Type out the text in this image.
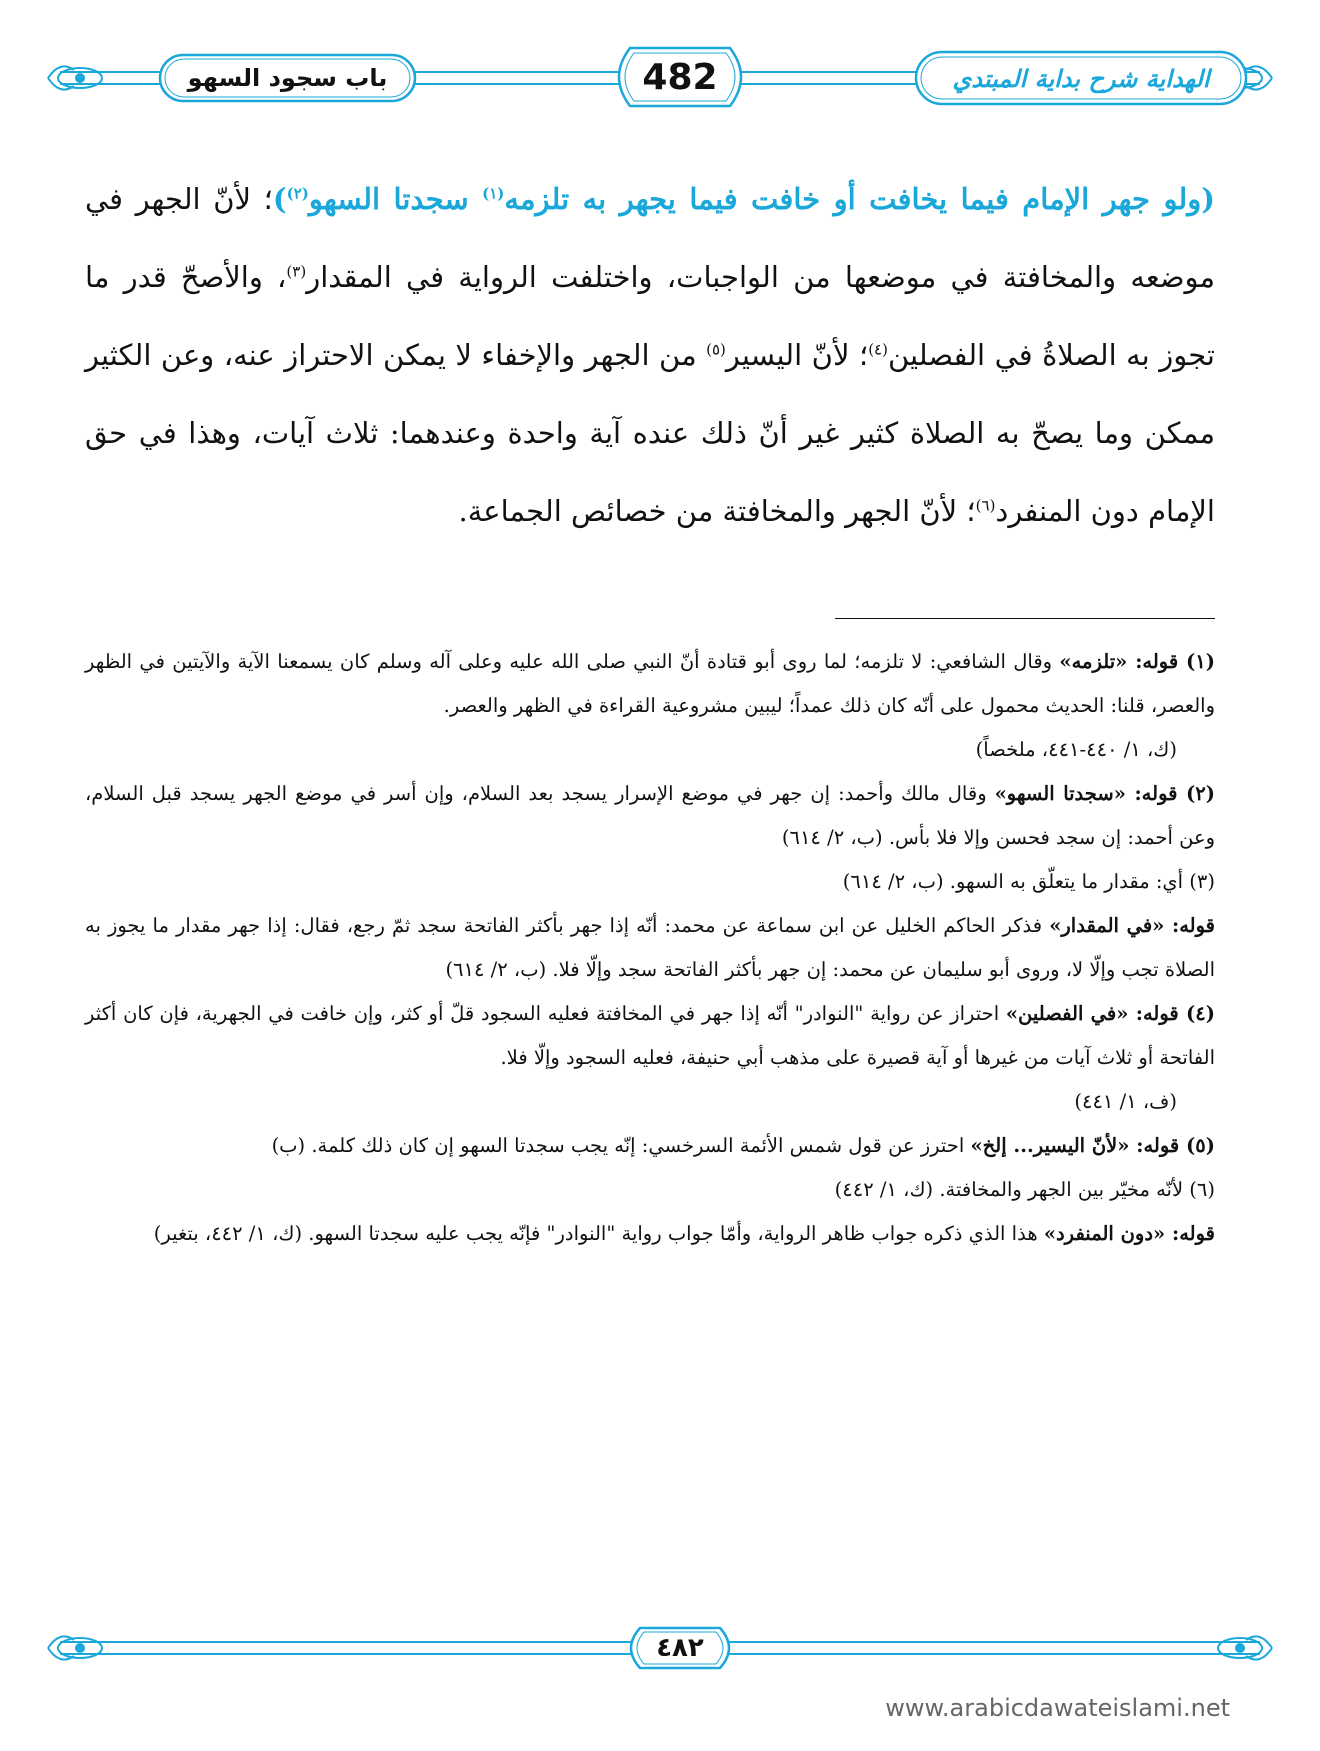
باب سجود السهو	482	الهداية شرح بداية المبتدي
(ولو جهر الإمام فيما يخافت أو خافت فيما يجهر به تلزمه$^{(١)}$ سجدتا السهو$^{(٢)}$)؛ لأنّ الجهر في موضعه والمخافتة في موضعها من الواجبات، واختلفت الرواية في المقدار$^{(٣)}$، والأصحّ قدر ما تجوز به الصلاةُ في الفصلين$^{(٤)}$؛ لأنّ اليسير$^{(٥)}$ من الجهر والإخفاء لا يمكن الاحتراز عنه، وعن الكثير ممكن وما يصحّ به الصلاة كثير غير أنّ ذلك عنده آية واحدة وعندهما: ثلاث آيات، وهذا في حق الإمام دون المنفرد$^{(٦)}$؛ لأنّ الجهر والمخافتة من خصائص الجماعة.

(١) قوله: «تلزمه» وقال الشافعي: لا تلزمه؛ لما روى أبو قتادة أنّ النبي صلى الله عليه وعلى آله وسلم كان يسمعنا الآية والآيتين في الظهر والعصر، قلنا: الحديث محمول على أنّه كان ذلك عمداً؛ ليبين مشروعية القراءة في الظهر والعصر.

(ك، ١/ ٤٤٠-٤٤١، ملخصاً)

(٢) قوله: «سجدتا السهو» وقال مالك وأحمد: إن جهر في موضع الإسرار يسجد بعد السلام، وإن أسر في موضع الجهر يسجد قبل السلام، وعن أحمد: إن سجد فحسن وإلا فلا بأس. (ب، ٢/ ٦١٤)

(٣) أي: مقدار ما يتعلّق به السهو. (ب، ٢/ ٦١٤)

قوله: «في المقدار» فذكر الحاكم الخليل عن ابن سماعة عن محمد: أنّه إذا جهر بأكثر الفاتحة سجد ثمّ رجع، فقال: إذا جهر مقدار ما يجوز به الصلاة تجب وإلّا لا، وروى أبو سليمان عن محمد: إن جهر بأكثر الفاتحة سجد وإلّا فلا. (ب، ٢/ ٦١٤)

(٤) قوله: «في الفصلين» احتراز عن رواية "النوادر" أنّه إذا جهر في المخافتة فعليه السجود قلّ أو كثر، وإن خافت في الجهرية، فإن كان أكثر الفاتحة أو ثلاث آيات من غيرها أو آية قصيرة على مذهب أبي حنيفة، فعليه السجود وإلّا فلا.

(ف، ١/ ٤٤١)

(٥) قوله: «لأنّ اليسير... إلخ» احترز عن قول شمس الأئمة السرخسي: إنّه يجب سجدتا السهو إن كان ذلك كلمة. (ب)

(٦) لأنّه مخيّر بين الجهر والمخافتة. (ك، ١/ ٤٤٢)

قوله: «دون المنفرد» هذا الذي ذكره جواب ظاهر الرواية، وأمّا جواب رواية "النوادر" فإنّه يجب عليه سجدتا السهو. (ك، ١/ ٤٤٢، بتغير)

٤٨٢
www.arabicdawateislami.net
